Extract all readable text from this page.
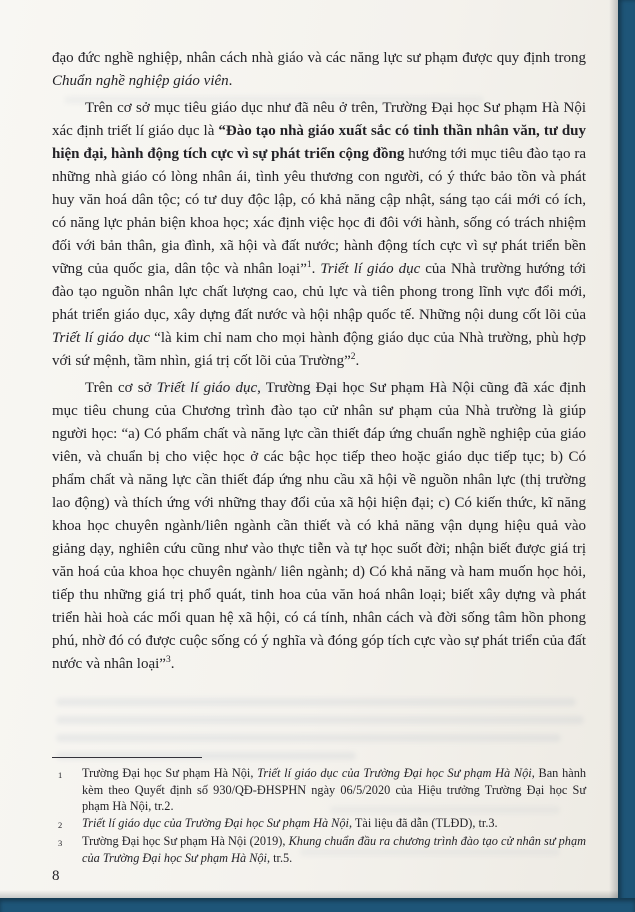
đạo đức nghề nghiệp, nhân cách nhà giáo và các năng lực sư phạm được quy định trong Chuẩn nghề nghiệp giáo viên.

Trên cơ sở mục tiêu giáo dục như đã nêu ở trên, Trường Đại học Sư phạm Hà Nội xác định triết lí giáo dục là “Đào tạo nhà giáo xuất sắc có tinh thần nhân văn, tư duy hiện đại, hành động tích cực vì sự phát triển cộng đồng hướng tới mục tiêu đào tạo ra những nhà giáo có lòng nhân ái, tình yêu thương con người, có ý thức bảo tồn và phát huy văn hoá dân tộc; có tư duy độc lập, có khả năng cập nhật, sáng tạo cái mới có ích, có năng lực phản biện khoa học; xác định việc học đi đôi với hành, sống có trách nhiệm đối với bản thân, gia đình, xã hội và đất nước; hành động tích cực vì sự phát triển bền vững của quốc gia, dân tộc và nhân loại”$^1$. Triết lí giáo dục của Nhà trường hướng tới đào tạo nguồn nhân lực chất lượng cao, chủ lực và tiên phong trong lĩnh vực đổi mới, phát triển giáo dục, xây dựng đất nước và hội nhập quốc tế. Những nội dung cốt lõi của Triết lí giáo dục “là kim chỉ nam cho mọi hành động giáo dục của Nhà trường, phù hợp với sứ mệnh, tầm nhìn, giá trị cốt lõi của Trường”$^2$.

Trên cơ sở Triết lí giáo dục, Trường Đại học Sư phạm Hà Nội cũng đã xác định mục tiêu chung của Chương trình đào tạo cử nhân sư phạm của Nhà trường là giúp người học: “a) Có phẩm chất và năng lực cần thiết đáp ứng chuẩn nghề nghiệp của giáo viên, và chuẩn bị cho việc học ở các bậc học tiếp theo hoặc giáo dục tiếp tục; b) Có phẩm chất và năng lực cần thiết đáp ứng nhu cầu xã hội về nguồn nhân lực (thị trường lao động) và thích ứng với những thay đổi của xã hội hiện đại; c) Có kiến thức, kĩ năng khoa học chuyên ngành/liên ngành cần thiết và có khả năng vận dụng hiệu quả vào giảng dạy, nghiên cứu cũng như vào thực tiễn và tự học suốt đời; nhận biết được giá trị văn hoá của khoa học chuyên ngành/ liên ngành; d) Có khả năng và ham muốn học hỏi, tiếp thu những giá trị phổ quát, tinh hoa của văn hoá nhân loại; biết xây dựng và phát triển hài hoà các mối quan hệ xã hội, có cá tính, nhân cách và đời sống tâm hồn phong phú, nhờ đó có được cuộc sống có ý nghĩa và đóng góp tích cực vào sự phát triển của đất nước và nhân loại”$^3$.

1	Trường Đại học Sư phạm Hà Nội, Triết lí giáo dục của Trường Đại học Sư phạm Hà Nội, Ban hành kèm theo Quyết định số 930/QĐ-ĐHSPHN ngày 06/5/2020 của Hiệu trưởng Trường Đại học Sư phạm Hà Nội, tr.2.
2	Triết lí giáo dục của Trường Đại học Sư phạm Hà Nội, Tài liệu đã dẫn (TLĐD), tr.3.
3	Trường Đại học Sư phạm Hà Nội (2019), Khung chuẩn đầu ra chương trình đào tạo cử nhân sư phạm của Trường Đại học Sư phạm Hà Nội, tr.5.
8
